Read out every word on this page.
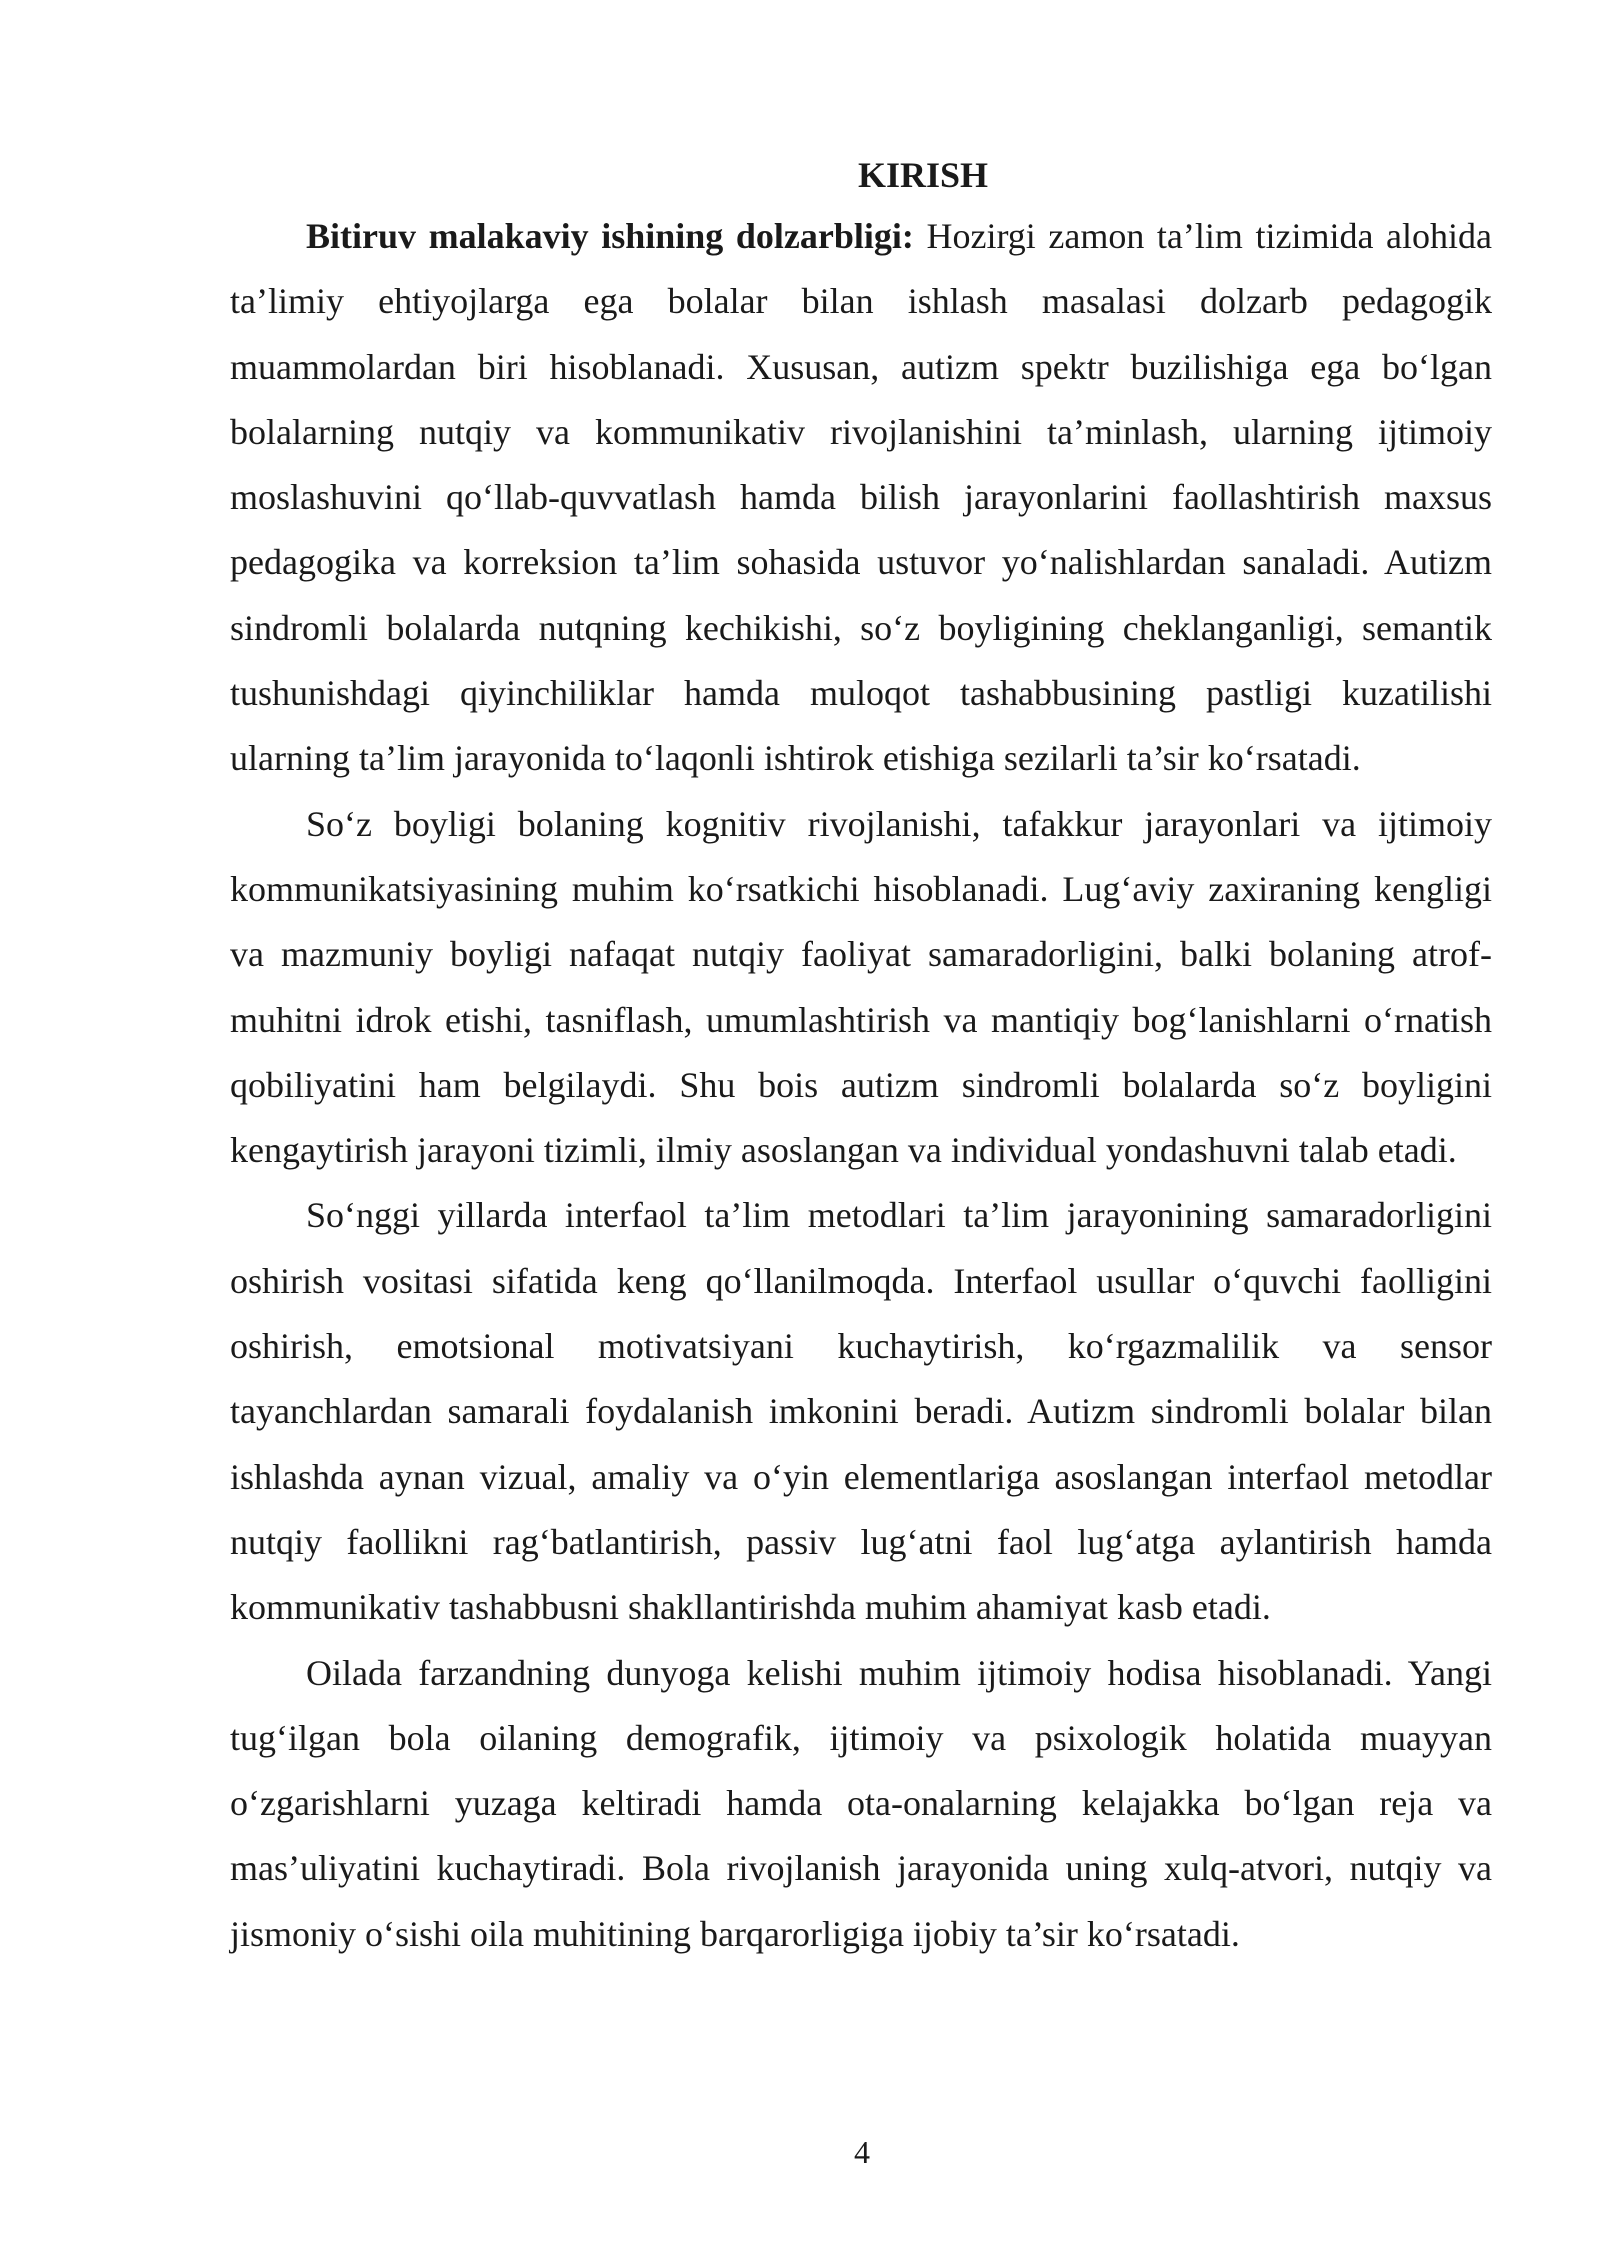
KIRISH

Bitiruv malakaviy ishining dolzarbligi: Hozirgi zamon ta’lim tizimida alohida ta’limiy ehtiyojlarga ega bolalar bilan ishlash masalasi dolzarb pedagogik muammolardan biri hisoblanadi. Xususan, autizm spektr buzilishiga ega bo‘lgan bolalarning nutqiy va kommunikativ rivojlanishini ta’minlash, ularning ijtimoiy moslashuvini qo‘llab-quvvatlash hamda bilish jarayonlarini faollashtirish maxsus pedagogika va korreksion ta’lim sohasida ustuvor yo‘nalishlardan sanaladi. Autizm sindromli bolalarda nutqning kechikishi, so‘z boyligining cheklanganligi, semantik tushunishdagi qiyinchiliklar hamda muloqot tashabbusining pastligi kuzatilishi ularning ta’lim jarayonida to‘laqonli ishtirok etishiga sezilarli ta’sir ko‘rsatadi.

So‘z boyligi bolaning kognitiv rivojlanishi, tafakkur jarayonlari va ijtimoiy kommunikatsiyasining muhim ko‘rsatkichi hisoblanadi. Lug‘aviy zaxiraning kengligi va mazmuniy boyligi nafaqat nutqiy faoliyat samaradorligini, balki bolaning atrof-muhitni idrok etishi, tasniflash, umumlashtirish va mantiqiy bog‘lanishlarni o‘rnatish qobiliyatini ham belgilaydi. Shu bois autizm sindromli bolalarda so‘z boyligini kengaytirish jarayoni tizimli, ilmiy asoslangan va individual yondashuvni talab etadi.

So‘nggi yillarda interfaol ta’lim metodlari ta’lim jarayonining samaradorligini oshirish vositasi sifatida keng qo‘llanilmoqda. Interfaol usullar o‘quvchi faolligini oshirish, emotsional motivatsiyani kuchaytirish, ko‘rgazmalilik va sensor tayanchlardan samarali foydalanish imkonini beradi. Autizm sindromli bolalar bilan ishlashda aynan vizual, amaliy va o‘yin elementlariga asoslangan interfaol metodlar nutqiy faollikni rag‘batlantirish, passiv lug‘atni faol lug‘atga aylantirish hamda kommunikativ tashabbusni shakllantirishda muhim ahamiyat kasb etadi.

Oilada farzandning dunyoga kelishi muhim ijtimoiy hodisa hisoblanadi. Yangi tug‘ilgan bola oilaning demografik, ijtimoiy va psixologik holatida muayyan o‘zgarishlarni yuzaga keltiradi hamda ota-onalarning kelajakka bo‘lgan reja va mas’uliyatini kuchaytiradi. Bola rivojlanish jarayonida uning xulq-atvori, nutqiy va jismoniy o‘sishi oila muhitining barqarorligiga ijobiy ta’sir ko‘rsatadi.

4
